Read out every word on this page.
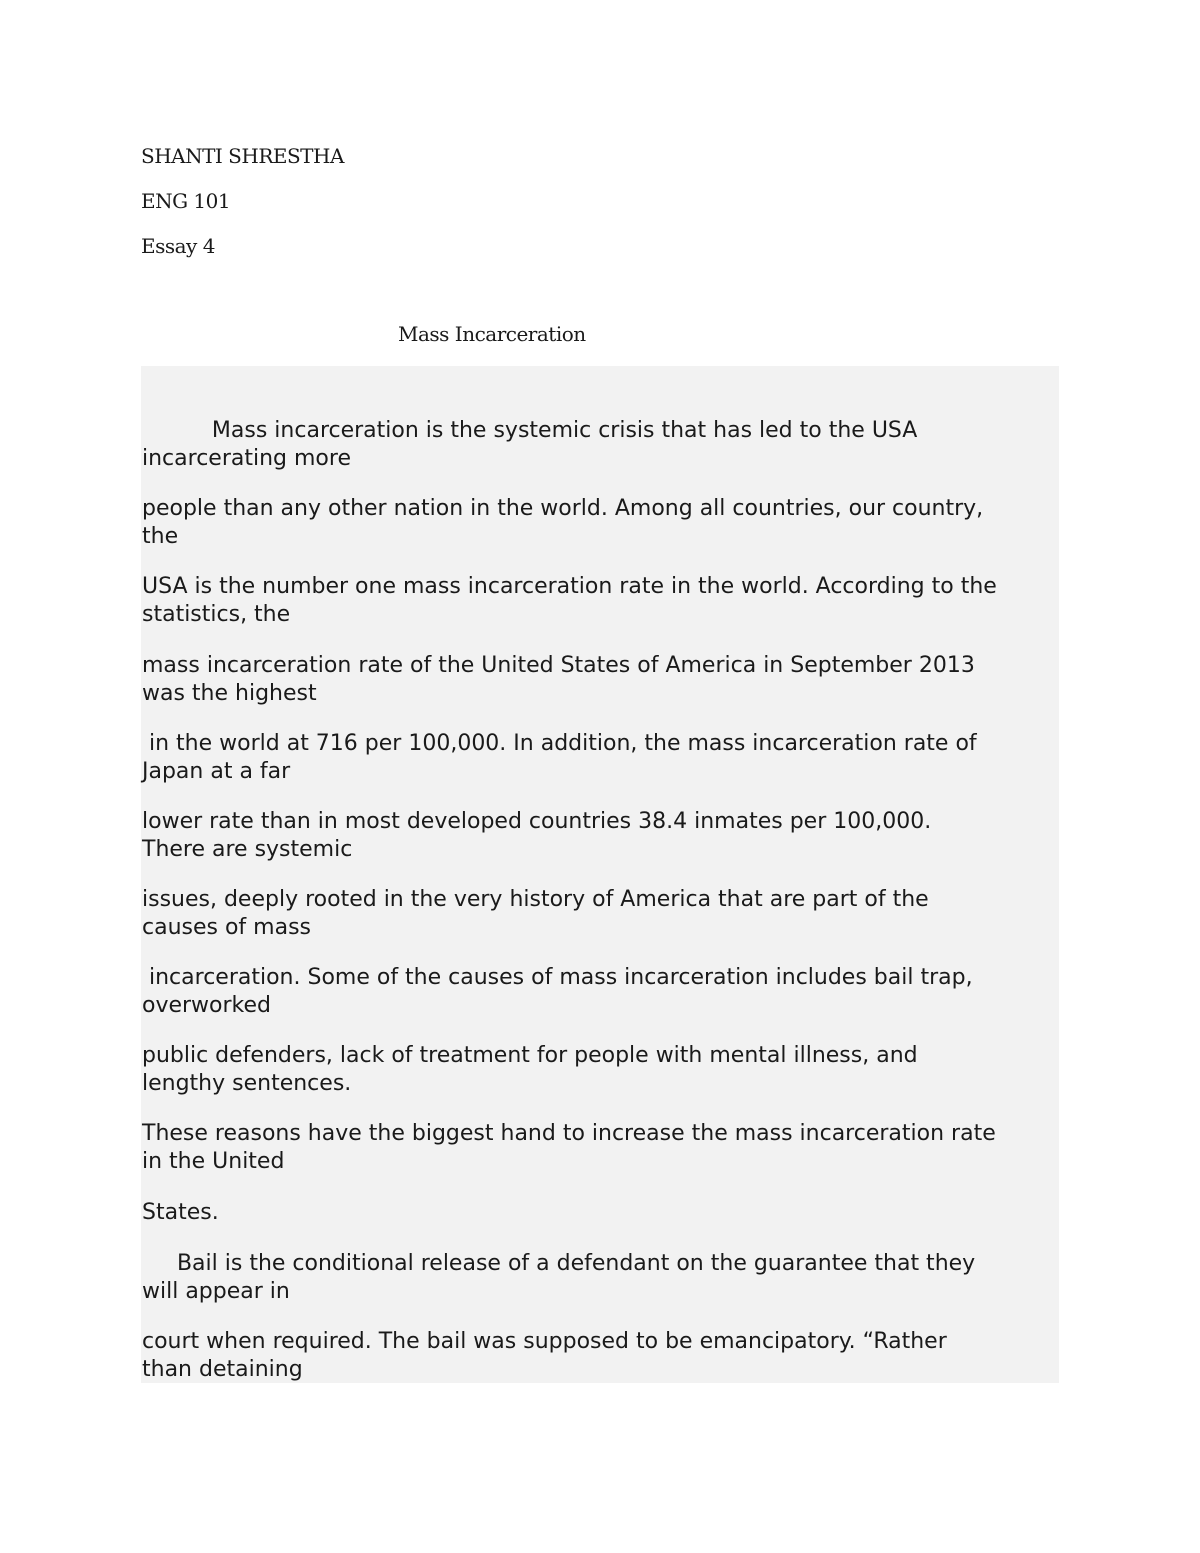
SHANTI SHRESTHA
ENG 101
Essay 4
Mass Incarceration
Mass incarceration is the systemic crisis that has led to the USA
incarcerating more
people than any other nation in the world. Among all countries, our country,
the
USA is the number one mass incarceration rate in the world. According to the
statistics, the
mass incarceration rate of the United States of America in September 2013
was the highest
in the world at 716 per 100,000. In addition, the mass incarceration rate of
Japan at a far
lower rate than in most developed countries 38.4 inmates per 100,000.
There are systemic
issues, deeply rooted in the very history of America that are part of the
causes of mass
incarceration. Some of the causes of mass incarceration includes bail trap,
overworked
public defenders, lack of treatment for people with mental illness, and
lengthy sentences.
These reasons have the biggest hand to increase the mass incarceration rate
in the United
States.
Bail is the conditional release of a defendant on the guarantee that they
will appear in
court when required. The bail was supposed to be emancipatory. “Rather
than detaining
